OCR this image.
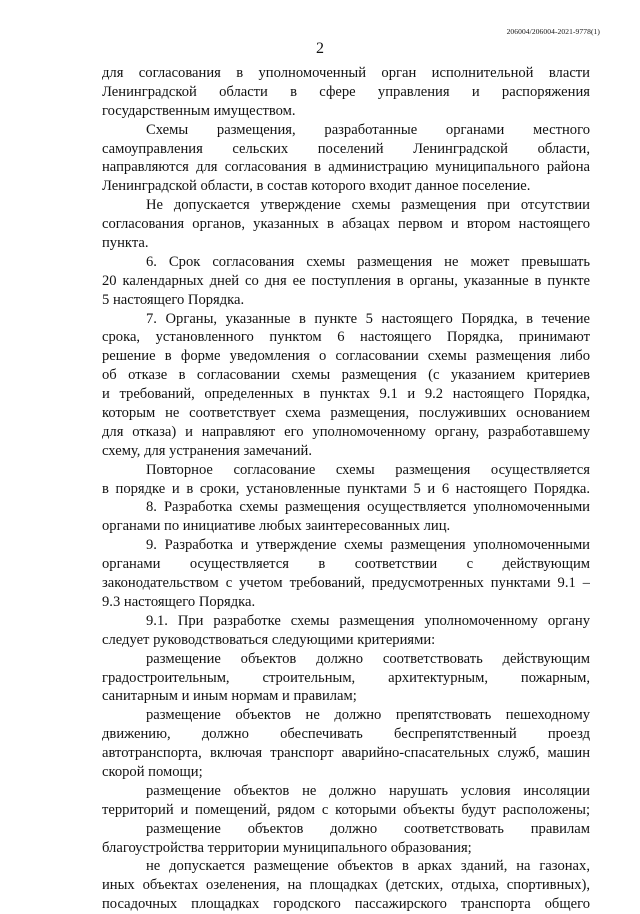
206004/206004-2021-9778(1)
2
для согласования в уполномоченный орган исполнительной власти
Ленинградской области в сфере управления и распоряжения
государственным имуществом.
Схемы размещения, разработанные органами местного
самоуправления сельских поселений Ленинградской области,
направляются для согласования в администрацию муниципального района
Ленинградской области, в состав которого входит данное поселение.
Не допускается утверждение схемы размещения при отсутствии
согласования органов, указанных в абзацах первом и втором настоящего
пункта.
6. Срок согласования схемы размещения не может превышать
20 календарных дней со дня ее поступления в органы, указанные в пункте
5 настоящего Порядка.
7. Органы, указанные в пункте 5 настоящего Порядка, в течение
срока, установленного пунктом 6 настоящего Порядка, принимают
решение в форме уведомления о согласовании схемы размещения либо
об отказе в согласовании схемы размещения (с указанием критериев
и требований, определенных в пунктах 9.1 и 9.2 настоящего Порядка,
которым не соответствует схема размещения, послуживших основанием
для отказа) и направляют его уполномоченному органу, разработавшему
схему, для устранения замечаний.
Повторное согласование схемы размещения осуществляется
в порядке и в сроки, установленные пунктами 5 и 6 настоящего Порядка.
8. Разработка схемы размещения осуществляется уполномоченными
органами по инициативе любых заинтересованных лиц.
9. Разработка и утверждение схемы размещения уполномоченными
органами осуществляется в соответствии с действующим
законодательством с учетом требований, предусмотренных пунктами 9.1 –
9.3 настоящего Порядка.
9.1. При разработке схемы размещения уполномоченному органу
следует руководствоваться следующими критериями:
размещение объектов должно соответствовать действующим
градостроительным, строительным, архитектурным, пожарным,
санитарным и иным нормам и правилам;
размещение объектов не должно препятствовать пешеходному
движению, должно обеспечивать беспрепятственный проезд
автотранспорта, включая транспорт аварийно-спасательных служб, машин
скорой помощи;
размещение объектов не должно нарушать условия инсоляции
территорий и помещений, рядом с которыми объекты будут расположены;
размещение объектов должно соответствовать правилам
благоустройства территории муниципального образования;
не допускается размещение объектов в арках зданий, на газонах,
иных объектах озеленения, на площадках (детских, отдыха, спортивных),
посадочных площадках городского пассажирского транспорта общего
